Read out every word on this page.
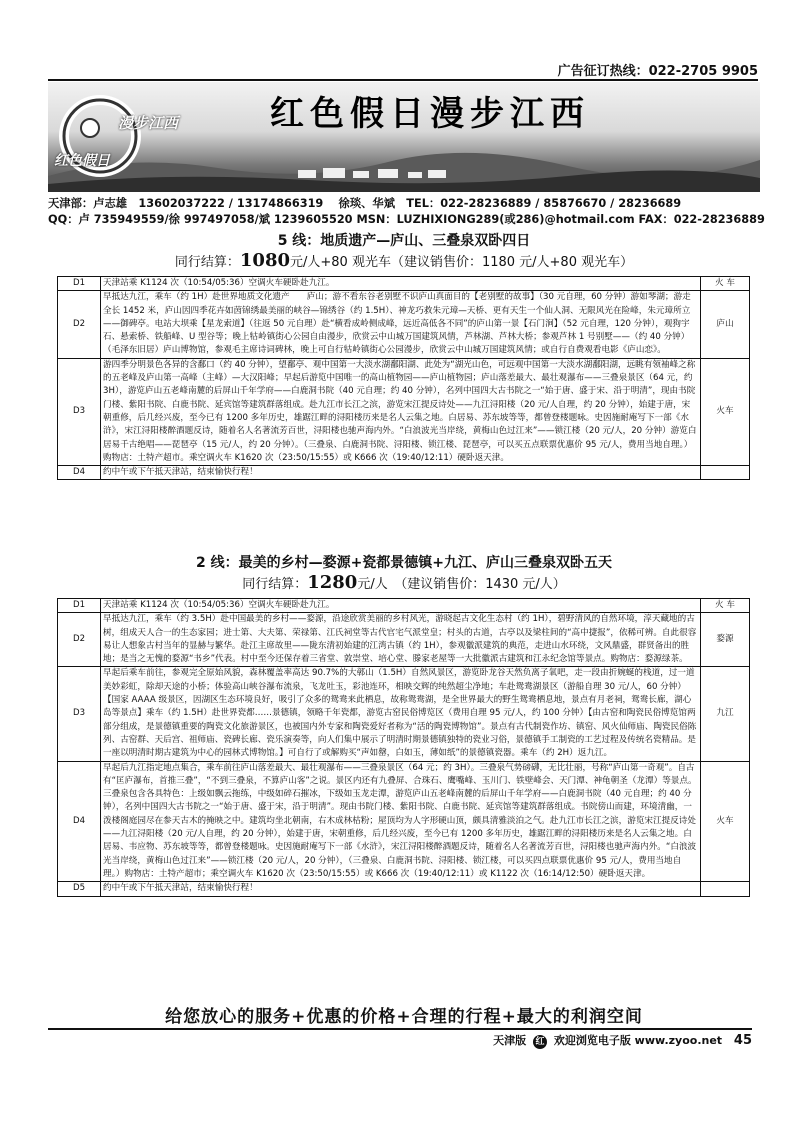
广告征订热线：022-2705 9905
漫步江西
红色假日
红色假日漫步江西
天津部：卢志雄　13602037222 / 13174866319　 徐琰、华斌　TEL：022-28236889 / 85876670 / 28236689
QQ：卢 735949559/徐 997497058/斌 1239605520 MSN：LUZHIXIONG289(或286)@hotmail.com FAX：022-28236889
5 线：地质遗产—庐山、三叠泉双卧四日
同行结算：1080元/人+80 观光车（建议销售价：1180 元/人+80 观光车）
D1	天津站乘 K1124 次（10:54/05:36）空调火车硬卧赴九江。	火 车
D2	早抵达九江，乘车（约 1H）赴世界地质文化遗产　　庐山；游不看东谷老别墅不识庐山真面目的【老别墅的故事】（30 元自理，60 分钟）游如琴湖；游走全长 1452 米，庐山因四季花卉如茵锦绣最美丽的峡谷—锦绣谷（约 1.5H）、神龙巧救朱元璋—天桥、更有天生一个仙人洞、无限风光在险峰，朱元璋所立——御碑亭。电站大坝乘【星龙索道】（往返 50 元自理）赴“横看成岭侧成峰，远近高低各不同”的庐山第一景【石门涧】（52 元自理，120 分钟），观狗宇石、悬索桥、铁船峰、U 型谷等；晚上牯岭镇街心公园自由漫步，欣赏云中山城万国建筑风情，芦林湖、芦林大桥；参观芦林 1 号别墅——（约 40 分钟）（毛泽东旧居）庐山博物馆，参观毛主席诗词碑林，晚上可自行牯岭镇街心公园漫步，欣赏云中山城万国建筑风情；或自行自费观看电影《庐山恋》。	庐山
D3	游四季分明景色各异的含鄱口（约 40 分钟），望鄱亭、观中国第一大淡水湖鄱阳湖、此处为“湖光山色，可远观中国第一大淡水湖鄱阳湖，远眺有领袖峰之称的五老峰及庐山第一高峰（主峰）—大汉阳峰；早起后游览中国唯一的高山植物园——庐山植物园；庐山落差最大、最壮观瀑布——三叠泉景区（64 元，约 3H），游览庐山五老峰南麓的后屏山千年学府——白鹿洞书院（40 元自理；约 40 分钟），名列中国四大古书院之一“始于唐、盛于宋、沿于明清”，现由书院门楼、紫阳书院、白鹿书院、延宾馆等建筑群落组成。赴九江市长江之滨，游览宋江提反诗处——九江浔阳楼（20 元/人自理，约 20 分钟），始建于唐，宋朝重修，后几经兴废，至今已有 1200 多年历史，雄踞江畔的浔阳楼历来是名人云集之地。白居易、苏东坡等等，都曾登楼题咏。史因施耐庵写下一部《水浒》，宋江浔阳楼醉酒题反诗，随着名人名著流芳百世，浔阳楼也驰声海内外。“白浪波光当岸绕，黄梅山色过江来”——锁江楼（20 元/人，20 分钟）游览白居易千古绝唱——琵琶亭（15 元/人，约 20 分钟）。（三叠泉、白鹿洞书院、浔阳楼、锁江楼、琵琶亭，可以买五点联票优惠价 95 元/人，费用当地自理。）购物店：土特产超市。乘空调火车 K1620 次（23:50/15:55）或 K666 次（19:40/12:11）硬卧返天津。	火车
D4	约中午或下午抵天津站，结束愉快行程！	
2 线：最美的乡村—婺源+瓷都景德镇+九江、庐山三叠泉双卧五天
同行结算：1280元/人　（建议销售价：1430 元/人）
D1	天津站乘 K1124 次（10:54/05:36）空调火车硬卧赴九江。	火 车
D2	早抵达九江，乘车（约 3.5H）赴中国最美的乡村——婺源，沿途欣赏美丽的乡村风光，游晓起古文化生态村（约 1H），碧野清风的自然环境，淳天藏地的古树，组成天人合一的生态家园；进士第、大夫第、荣禄第、江氏祠堂等古代官宅气派堂皇；村头的古道，古亭以及梁柱间的“高中捷报”，依稀可辨。自此很容易让人想象古村当年的显赫与繁华。赴江主席故里——陇东清初始建的江湾古镇（约 1H），参观徽派建筑的典范，走进山水环绕，文风鼎盛，群贤备出的胜地；是当之无愧的婺源“书乡”代表。村中至今还保存着三省堂、敦崇堂、培心堂、滕家老屋等一大批徽派古建筑和江永纪念馆等景点。购物店：婺源绿茶。	婺源
D3	早起后乘车前往，参观完全原始风貌，森林覆盖率高达 90.7%的大鄣山（1.5H）自然风景区，游览卧龙谷天然负离子氧吧，走一段由折婉蜒的栈道，过一道美妙彩虹，除却天途的小桥；体验高山峡谷瀑布流泉，飞龙吐玉，彩池连环，相映交辉的纯然超尘净地；车赴鸳鸯湖景区（游船自理 30 元/人，60 分钟）【国家 AAAA 级景区，因湖区生态环境良好，吸引了众多的鸳鸯来此栖息，故称鸳鸯湖，是全世界最大的野生鸳鸯栖息地，景点有月老祠，鸳鸯长廊，湖心岛等景点】乘车（约 1.5H）赴世界瓷都……景德镇，领略千年瓷都，游览古窑民俗博览区（费用自理 95 元/人，约 100 分钟）【由古窑和陶瓷民俗博览馆两部分组成，是景德镇重要的陶瓷文化旅游景区，也被国内外专家和陶瓷爱好者称为“活的陶瓷博物馆”。景点有古代制瓷作坊、镇窑、风火仙师庙、陶瓷民俗陈列、古窑群、天后宫、祖师庙、瓷碑长廊、瓷乐演奏等，向人们集中展示了明清时期景德镇独特的瓷业习俗，景德镇手工制瓷的工艺过程及传统名瓷精品。是一座以明清时期古建筑为中心的园林式博物馆。】可自行了或解购买“声如罄，白如玉，薄如纸”的景德镇瓷器。乘车（约 2H）返九江。	九江
D4	早起后九江指定地点集合，乘车前往庐山落差最大、最壮观瀑布——三叠泉景区（64 元；约 3H）。三叠泉气势磅礴，无比壮丽，号称“庐山第一奇观”。自古有“匡庐瀑布，首推三叠”，“不到三叠泉，不算庐山客”之说。景区内还有九叠屏、合珠石、鹰嘴峰、玉川门、铁壁峰会、天门潭、神龟朝圣（龙潭）等景点。三叠泉包含各具特色：上级如飘云拖练，中级如碎石摧冰，下级如玉龙走潭，游览庐山五老峰南麓的后屏山千年学府——白鹿洞书院（40 元自理；约 40 分钟），名列中国四大古书院之一“始于唐、盛于宋，沿于明清”。现由书院门楼、紫阳书院、白鹿书院、延宾馆等建筑群落组成。书院傍山而建，环境清幽，一泼楼阁庭园尽在参天古木的掩映之中。建筑均坐北朝南，右木成林枯粉；屋顶均为人字形硬山顶，颇具清雅淡泊之气。赴九江市长江之滨，游览宋江提反诗处——九江浔阳楼（20 元/人自理，约 20 分钟），始建于唐，宋朝重修，后几经兴废，至今已有 1200 多年历史，雄踞江畔的浔阳楼历来是名人云集之地。白居易、韦应物、苏东坡等等，都曾登楼题咏。史因施耐庵写下一部《水浒》，宋江浔阳楼醉酒题反诗，随着名人名著流芳百世，浔阳楼也驰声海内外。“白浪波光当岸绕，黄梅山色过江来”——锁江楼（20 元/人，20 分钟），（三叠泉、白鹿洞书院、浔阳楼、锁江楼，可以买四点联票优惠价 95 元/人，费用当地自理。）购物店：土特产超市；乘空调火车 K1620 次（23:50/15:55）或 K666 次（19:40/12:11）或 K1122 次（16:14/12:50）硬卧返天津。	火车
D5	约中午或下午抵天津站，结束愉快行程！	
给您放心的服务+优惠的价格+合理的行程+最大的利润空间
天津版 红 欢迎浏览电子版 www.zyoo.net 45
